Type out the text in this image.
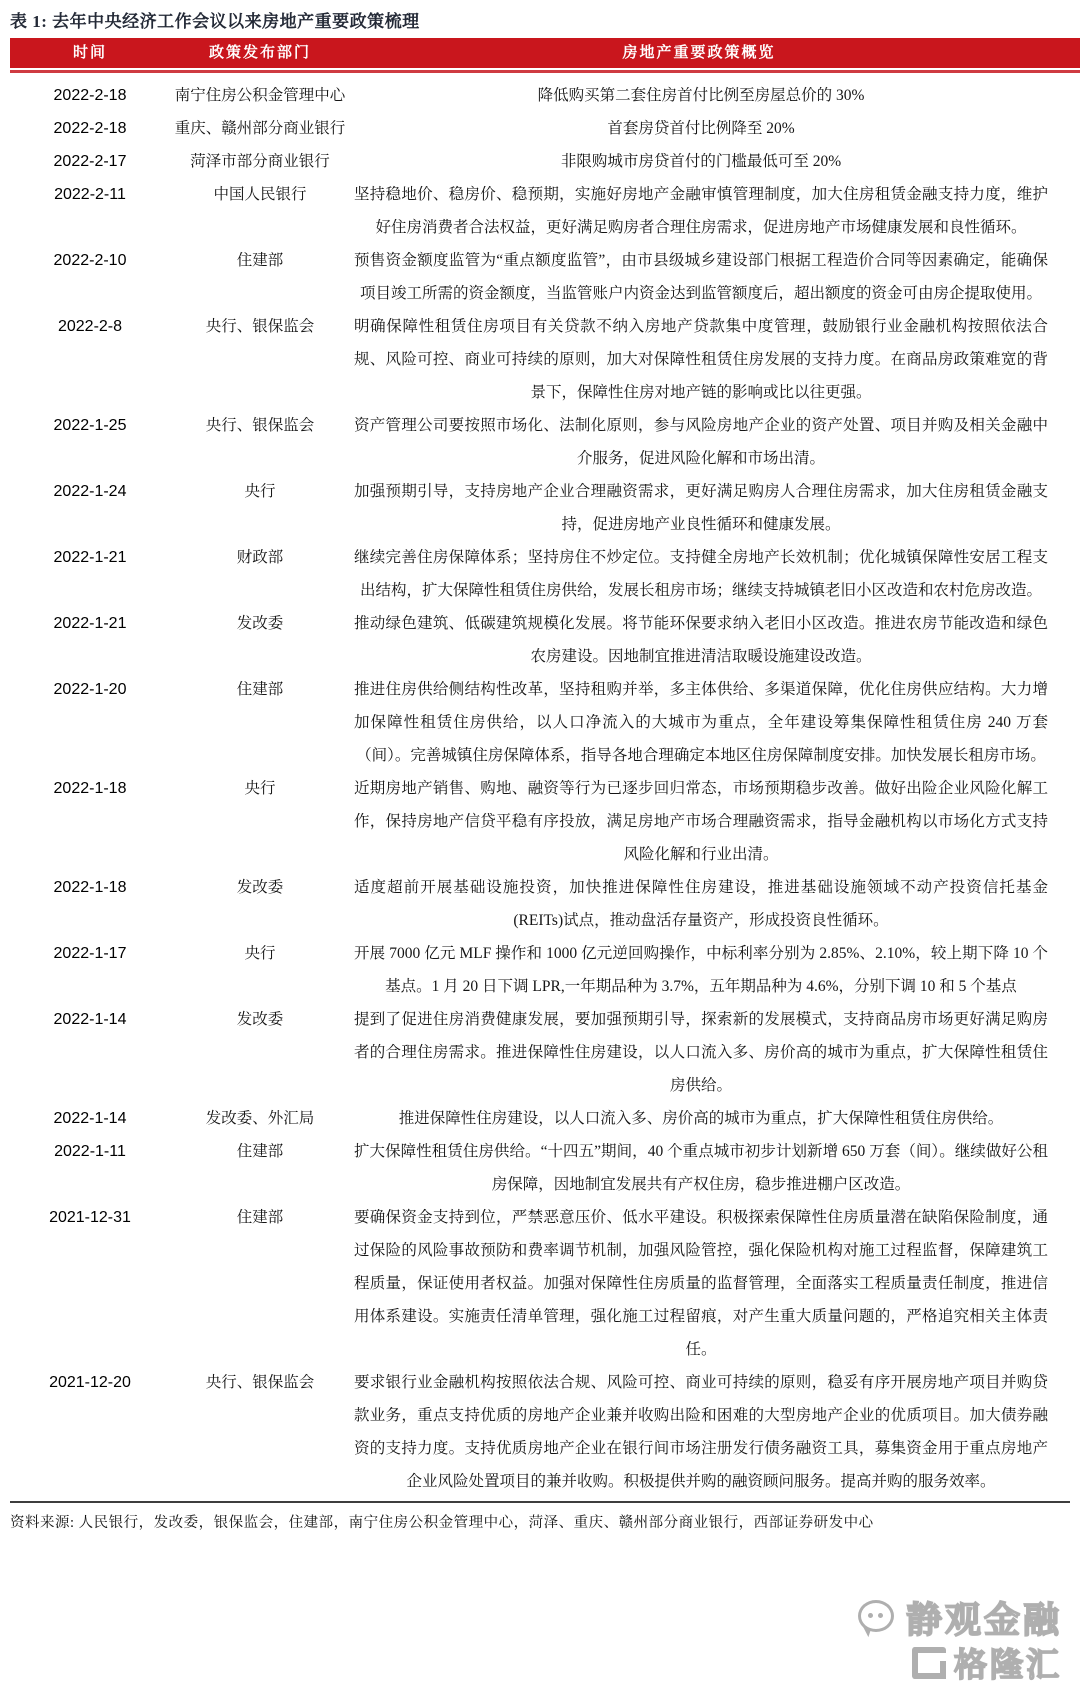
表 1: 去年中央经济工作会议以来房地产重要政策梳理
时间	政策发布部门	房地产重要政策概览
2022-2-18	南宁住房公积金管理中心	降低购买第二套住房首付比例至房屋总价的 30%
2022-2-18	重庆、赣州部分商业银行	首套房贷首付比例降至 20%
2022-2-17	菏泽市部分商业银行	非限购城市房贷首付的门槛最低可至 20%
2022-2-11	中国人民银行	坚持稳地价、稳房价、稳预期，实施好房地产金融审慎管理制度，加大住房租赁金融支持力度，维护好住房消费者合法权益，更好满足购房者合理住房需求，促进房地产市场健康发展和良性循环。
2022-2-10	住建部	预售资金额度监管为“重点额度监管”，由市县级城乡建设部门根据工程造价合同等因素确定，能确保项目竣工所需的资金额度，当监管账户内资金达到监管额度后，超出额度的资金可由房企提取使用。
2022-2-8	央行、银保监会	明确保障性租赁住房项目有关贷款不纳入房地产贷款集中度管理，鼓励银行业金融机构按照依法合规、风险可控、商业可持续的原则，加大对保障性租赁住房发展的支持力度。在商品房政策难宽的背景下，保障性住房对地产链的影响或比以往更强。
2022-1-25	央行、银保监会	资产管理公司要按照市场化、法制化原则，参与风险房地产企业的资产处置、项目并购及相关金融中介服务，促进风险化解和市场出清。
2022-1-24	央行	加强预期引导，支持房地产企业合理融资需求，更好满足购房人合理住房需求，加大住房租赁金融支持，促进房地产业良性循环和健康发展。
2022-1-21	财政部	继续完善住房保障体系；坚持房住不炒定位。支持健全房地产长效机制；优化城镇保障性安居工程支出结构，扩大保障性租赁住房供给，发展长租房市场；继续支持城镇老旧小区改造和农村危房改造。
2022-1-21	发改委	推动绿色建筑、低碳建筑规模化发展。将节能环保要求纳入老旧小区改造。推进农房节能改造和绿色农房建设。因地制宜推进清洁取暖设施建设改造。
2022-1-20	住建部	推进住房供给侧结构性改革，坚持租购并举，多主体供给、多渠道保障，优化住房供应结构。大力增加保障性租赁住房供给，以人口净流入的大城市为重点，全年建设筹集保障性租赁住房 240 万套（间）。完善城镇住房保障体系，指导各地合理确定本地区住房保障制度安排。加快发展长租房市场。
2022-1-18	央行	近期房地产销售、购地、融资等行为已逐步回归常态，市场预期稳步改善。做好出险企业风险化解工作，保持房地产信贷平稳有序投放，满足房地产市场合理融资需求，指导金融机构以市场化方式支持风险化解和行业出清。
2022-1-18	发改委	适度超前开展基础设施投资，加快推进保障性住房建设，推进基础设施领域不动产投资信托基金(REITs)试点，推动盘活存量资产，形成投资良性循环。
2022-1-17	央行	开展 7000 亿元 MLF 操作和 1000 亿元逆回购操作，中标利率分别为 2.85%、2.10%，较上期下降 10 个基点。1 月 20 日下调 LPR,一年期品种为 3.7%，五年期品种为 4.6%，分别下调 10 和 5 个基点
2022-1-14	发改委	提到了促进住房消费健康发展，要加强预期引导，探索新的发展模式，支持商品房市场更好满足购房者的合理住房需求。推进保障性住房建设，以人口流入多、房价高的城市为重点，扩大保障性租赁住房供给。
2022-1-14	发改委、外汇局	推进保障性住房建设，以人口流入多、房价高的城市为重点，扩大保障性租赁住房供给。
2022-1-11	住建部	扩大保障性租赁住房供给。“十四五”期间，40 个重点城市初步计划新增 650 万套（间）。继续做好公租房保障，因地制宜发展共有产权住房，稳步推进棚户区改造。
2021-12-31	住建部	要确保资金支持到位，严禁恶意压价、低水平建设。积极探索保障性住房质量潜在缺陷保险制度，通过保险的风险事故预防和费率调节机制，加强风险管控，强化保险机构对施工过程监督，保障建筑工程质量，保证使用者权益。加强对保障性住房质量的监督管理，全面落实工程质量责任制度，推进信用体系建设。实施责任清单管理，强化施工过程留痕，对产生重大质量问题的，严格追究相关主体责任。
2021-12-20	央行、银保监会	要求银行业金融机构按照依法合规、风险可控、商业可持续的原则，稳妥有序开展房地产项目并购贷款业务，重点支持优质的房地产企业兼并收购出险和困难的大型房地产企业的优质项目。加大债券融资的支持力度。支持优质房地产企业在银行间市场注册发行债务融资工具，募集资金用于重点房地产企业风险处置项目的兼并收购。积极提供并购的融资顾问服务。提高并购的服务效率。
资料来源: 人民银行，发改委，银保监会，住建部，南宁住房公积金管理中心，菏泽、重庆、赣州部分商业银行，西部证券研发中心
静观金融
格隆汇
